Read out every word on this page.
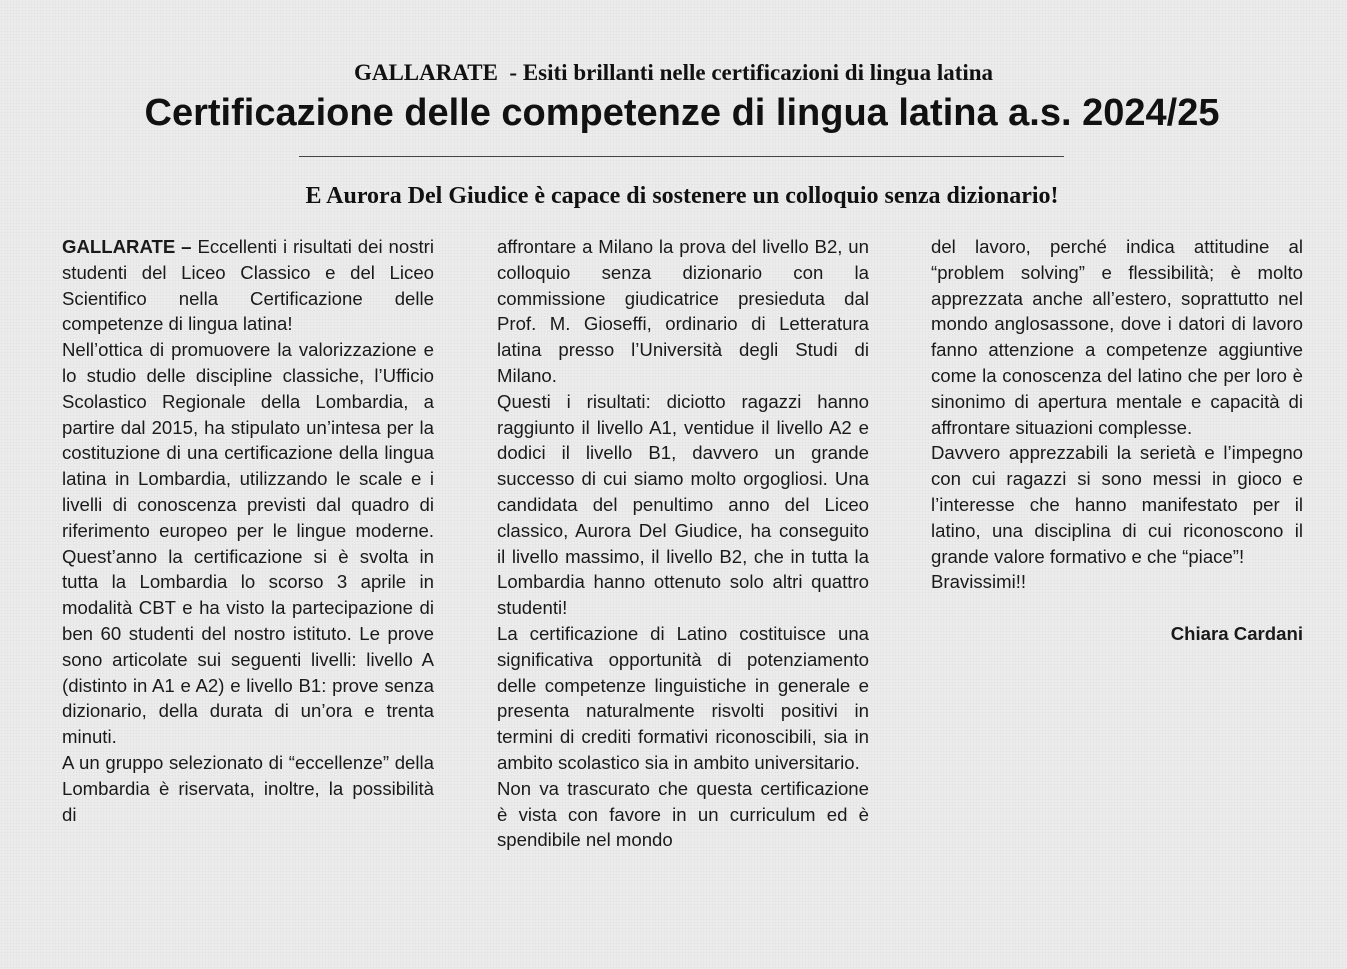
GALLARATE  - Esiti brillanti nelle certificazioni di lingua latina
Certificazione delle competenze di lingua latina a.s. 2024/25
E Aurora Del Giudice è capace di sostenere un colloquio senza dizionario!

GALLARATE – Eccellenti i risultati dei nostri studenti del Liceo Classico e del Liceo Scientifico nella Certificazione delle competenze di lingua latina!

Nell’ottica di promuovere la valorizzazione e lo studio delle discipline classiche, l’Ufficio Scolastico Regionale della Lombardia, a partire dal 2015, ha stipulato un’intesa per la costituzione di una certificazione della lingua latina in Lombardia, utilizzando le scale e i livelli di conoscenza previsti dal quadro di riferimento europeo per le lingue moderne. Quest’anno la certificazione si è svolta in tutta la Lombardia lo scorso 3 aprile in modalità CBT e ha visto la partecipazione di ben 60 studenti del nostro istituto. Le prove sono articolate sui seguenti livelli: livello A (distinto in A1 e A2) e livello B1: prove senza dizionario, della durata di un’ora e trenta minuti.

A un gruppo selezionato di “eccellenze” della Lombardia è riservata, inoltre, la possibilità di

affrontare a Milano la prova del livello B2, un colloquio senza dizionario con la commissione giudicatrice presieduta dal Prof. M. Gioseffi, ordinario di Letteratura latina presso l’Università degli Studi di Milano.

Questi i risultati: diciotto ragazzi hanno raggiunto il livello A1, ventidue il livello A2 e dodici il livello B1, davvero un grande successo di cui siamo molto orgogliosi. Una candidata del penultimo anno del Liceo classico, Aurora Del Giudice, ha conseguito il livello massimo, il livello B2, che in tutta la Lombardia hanno ottenuto solo altri quattro studenti!

La certificazione di Latino costituisce una significativa opportunità di potenziamento delle competenze linguistiche in generale e presenta naturalmente risvolti positivi in termini di crediti formativi riconoscibili, sia in ambito scolastico sia in ambito universitario.

Non va trascurato che questa certificazione è vista con favore in un curriculum ed è spendibile nel mondo

del lavoro, perché indica attitudine al “problem solving” e flessibilità; è molto apprezzata anche all’estero, soprattutto nel mondo anglosassone, dove i datori di lavoro fanno attenzione a competenze aggiuntive come la conoscenza del latino che per loro è sinonimo di apertura mentale e capacità di affrontare situazioni complesse.

Davvero apprezzabili la serietà e l’impegno con cui ragazzi si sono messi in gioco e l’interesse che hanno manifestato per il latino, una disciplina di cui riconoscono il grande valore formativo e che “piace”!

Bravissimi!!

Chiara Cardani
